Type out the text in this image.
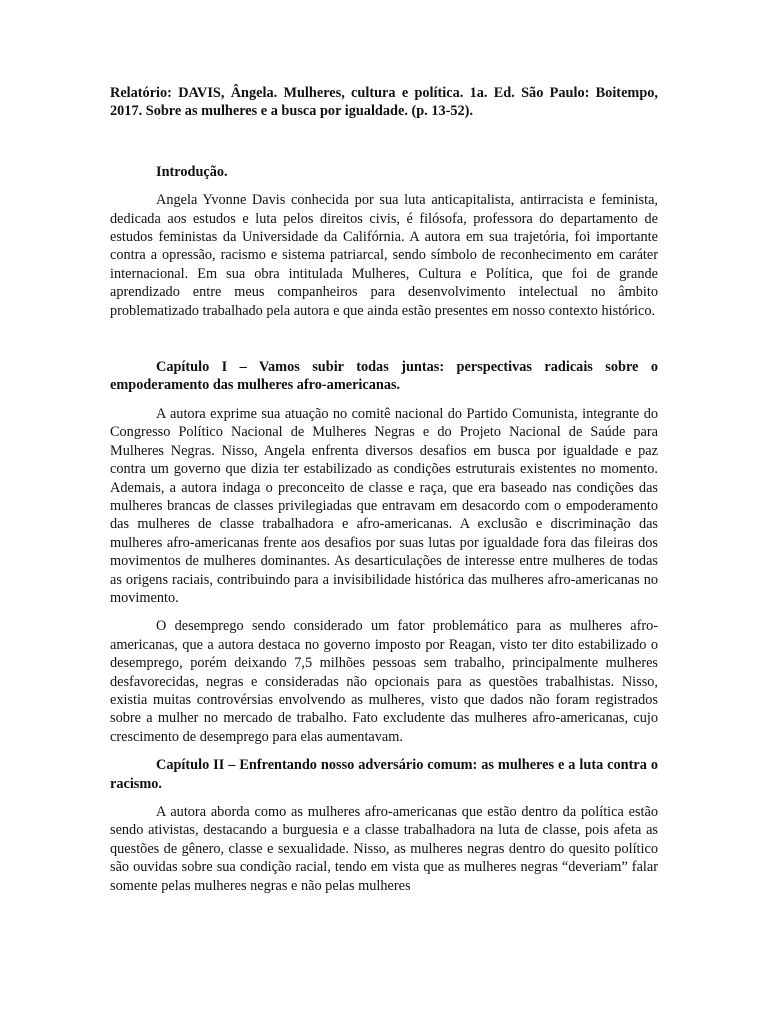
Relatório: DAVIS, Ângela. Mulheres, cultura e política. 1a. Ed. São Paulo: Boitempo, 2017. Sobre as mulheres e a busca por igualdade. (p. 13-52).

Introdução.

Angela Yvonne Davis conhecida por sua luta anticapitalista, antirracista e feminista, dedicada aos estudos e luta pelos direitos civis, é filósofa, professora do departamento de estudos feministas da Universidade da Califórnia. A autora em sua trajetória, foi importante contra a opressão, racismo e sistema patriarcal, sendo símbolo de reconhecimento em caráter internacional. Em sua obra intitulada Mulheres, Cultura e Política, que foi de grande aprendizado entre meus companheiros para desenvolvimento intelectual no âmbito problematizado trabalhado pela autora e que ainda estão presentes em nosso contexto histórico.

Capítulo I – Vamos subir todas juntas: perspectivas radicais sobre o empoderamento das mulheres afro-americanas.

A autora exprime sua atuação no comitê nacional do Partido Comunista, integrante do Congresso Político Nacional de Mulheres Negras e do Projeto Nacional de Saúde para Mulheres Negras. Nisso, Angela enfrenta diversos desafios em busca por igualdade e paz contra um governo que dizia ter estabilizado as condições estruturais existentes no momento. Ademais, a autora indaga o preconceito de classe e raça, que era baseado nas condições das mulheres brancas de classes privilegiadas que entravam em desacordo com o empoderamento das mulheres de classe trabalhadora e afro-americanas. A exclusão e discriminação das mulheres afro-americanas frente aos desafios por suas lutas por igualdade fora das fileiras dos movimentos de mulheres dominantes. As desarticulações de interesse entre mulheres de todas as origens raciais, contribuindo para a invisibilidade histórica das mulheres afro-americanas no movimento.

O desemprego sendo considerado um fator problemático para as mulheres afro-americanas, que a autora destaca no governo imposto por Reagan, visto ter dito estabilizado o desemprego, porém deixando 7,5 milhões pessoas sem trabalho, principalmente mulheres desfavorecidas, negras e consideradas não opcionais para as questões trabalhistas. Nisso, existia muitas controvérsias envolvendo as mulheres, visto que dados não foram registrados sobre a mulher no mercado de trabalho. Fato excludente das mulheres afro-americanas, cujo crescimento de desemprego para elas aumentavam.

Capítulo II – Enfrentando nosso adversário comum: as mulheres e a luta contra o racismo.

A autora aborda como as mulheres afro-americanas que estão dentro da política estão sendo ativistas, destacando a burguesia e a classe trabalhadora na luta de classe, pois afeta as questões de gênero, classe e sexualidade. Nisso, as mulheres negras dentro do quesito político são ouvidas sobre sua condição racial, tendo em vista que as mulheres negras “deveriam” falar somente pelas mulheres negras e não pelas mulheres
